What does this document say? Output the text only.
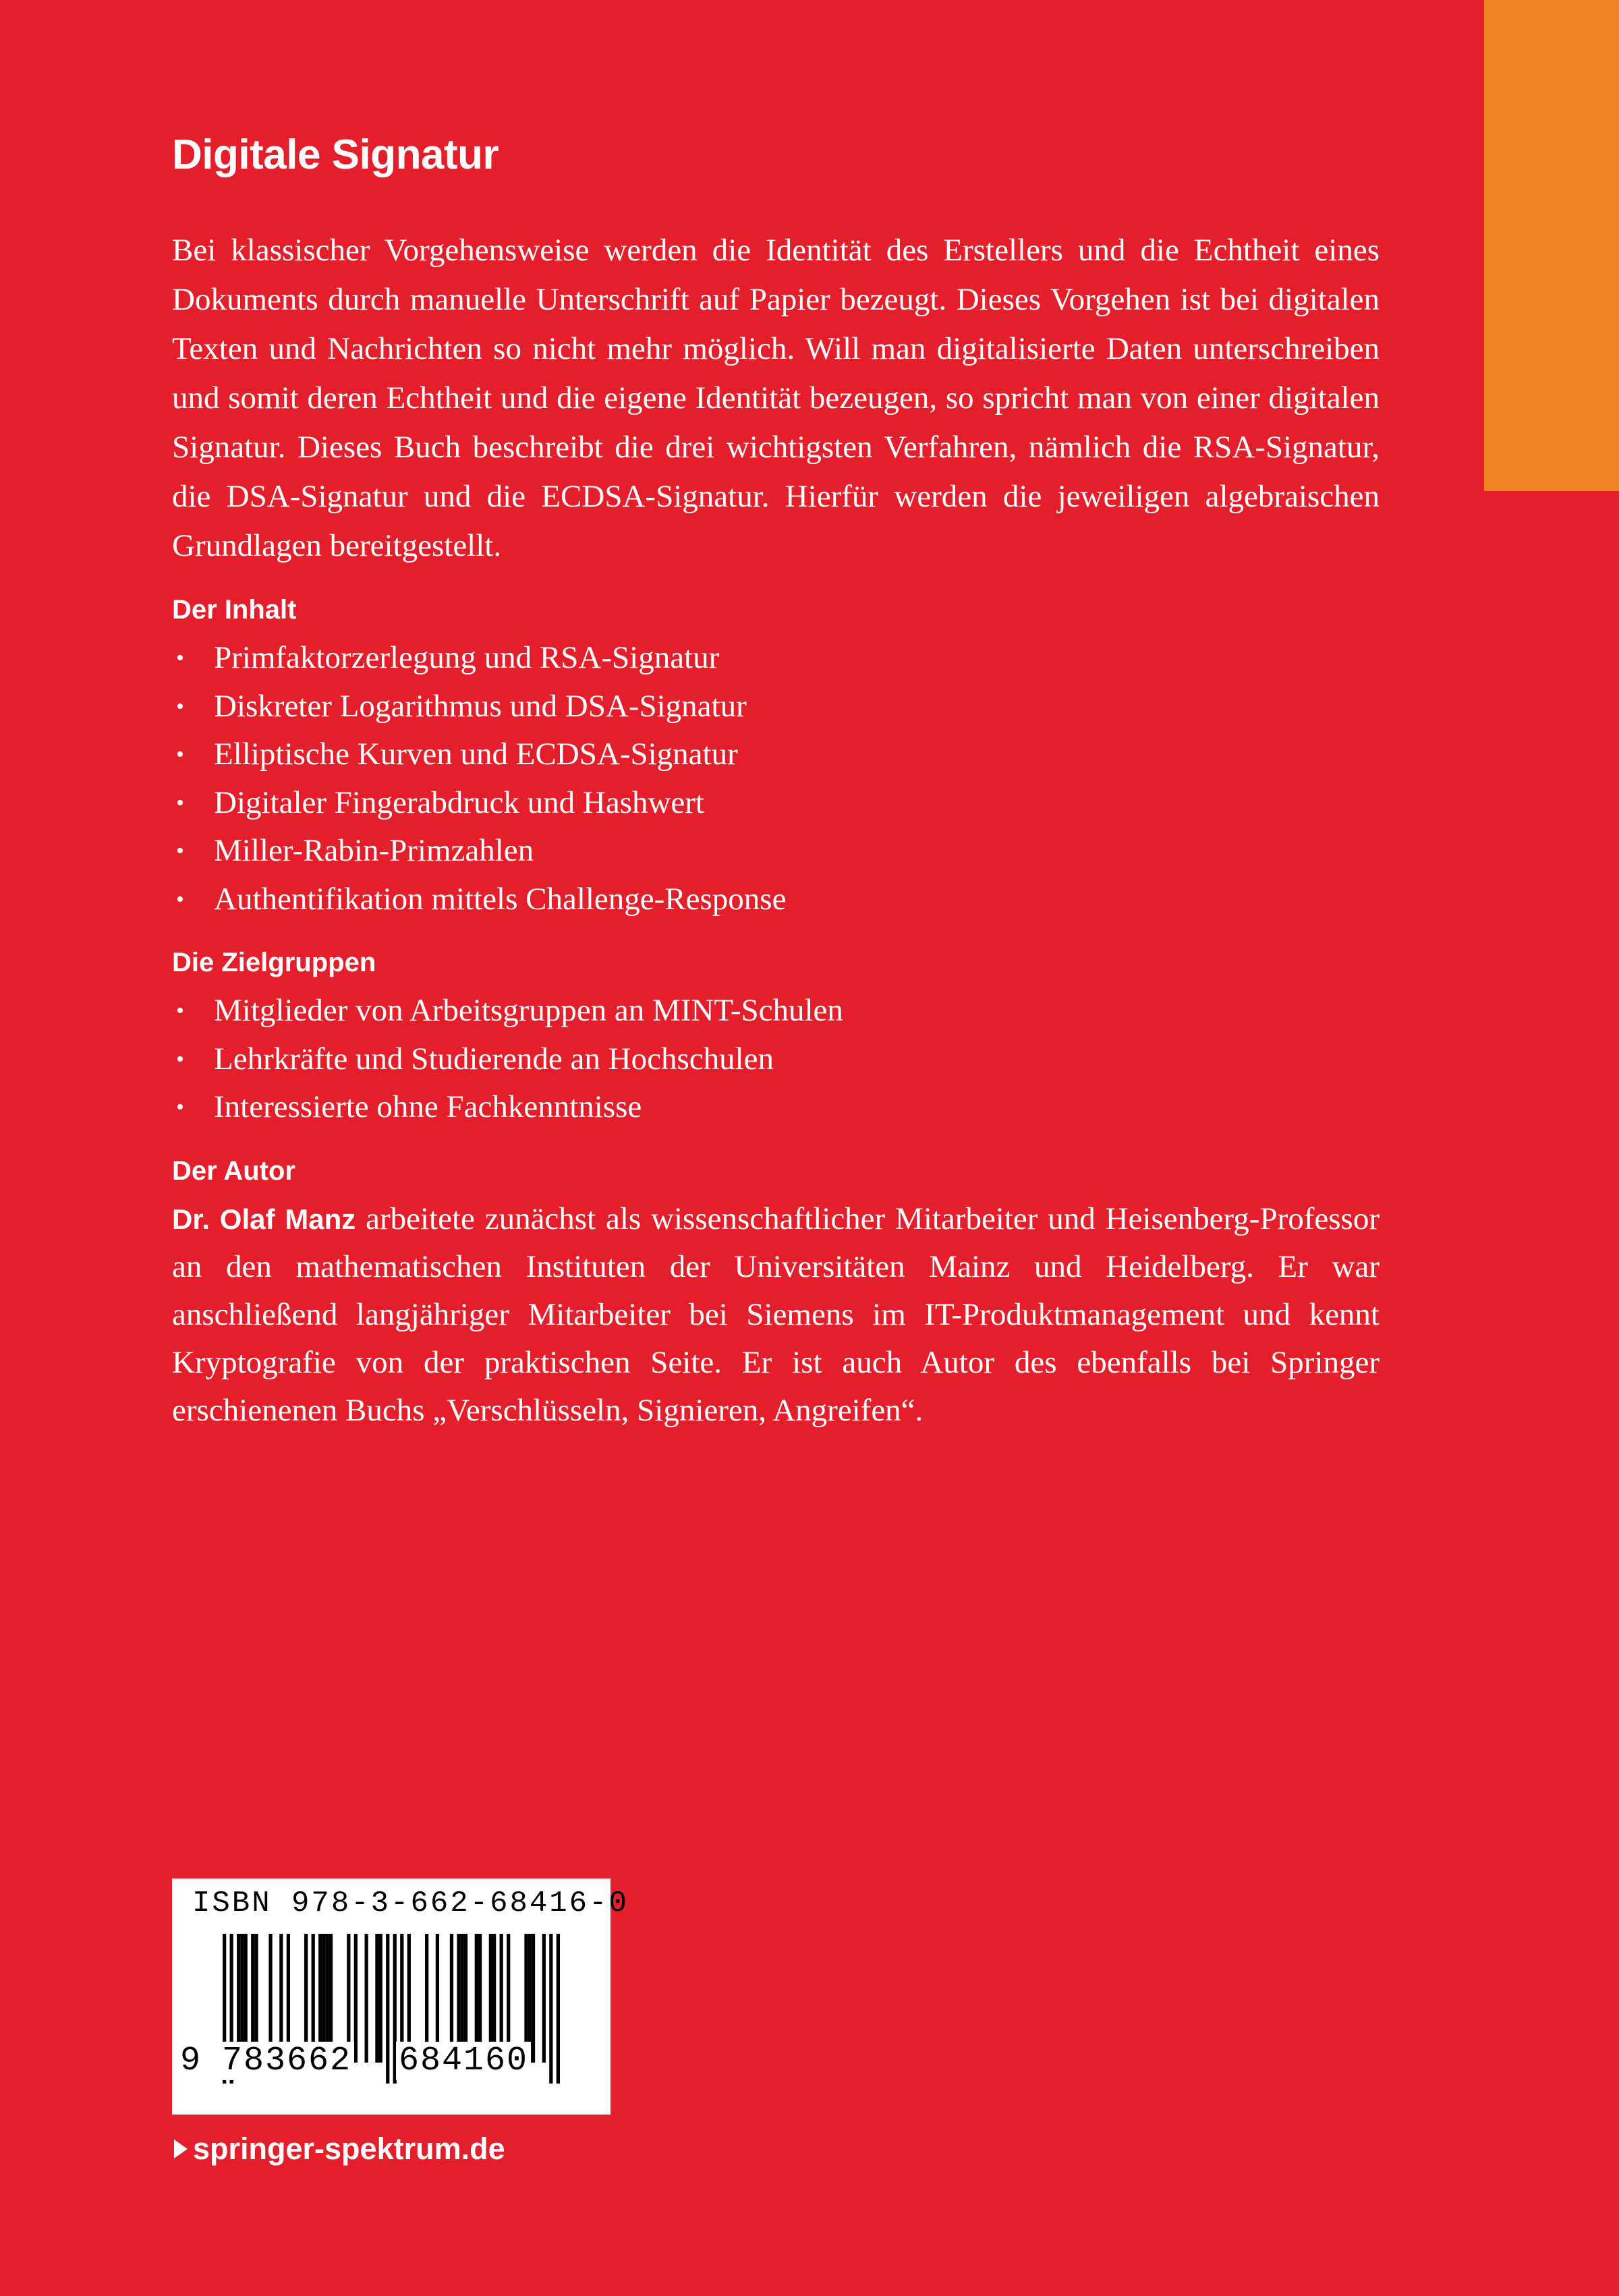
Digitale Signatur

Bei klassischer Vorgehensweise werden die Identität des Erstellers und die Echtheit eines Dokuments durch manuelle Unterschrift auf Papier bezeugt. Dieses Vorgehen ist bei digitalen Texten und Nachrichten so nicht mehr möglich. Will man digitalisierte Daten unterschreiben und somit deren Echtheit und die eigene Identität bezeugen, so spricht man von einer digitalen Signatur. Dieses Buch beschreibt die drei wichtigsten Verfahren, nämlich die RSA-Signatur, die DSA-Signatur und die ECDSA-Signatur. Hierfür werden die jeweiligen algebraischen Grundlagen bereitgestellt.

Der Inhalt
• Primfaktorzerlegung und RSA-Signatur
• Diskreter Logarithmus und DSA-Signatur
• Elliptische Kurven und ECDSA-Signatur
• Digitaler Fingerabdruck und Hashwert
• Miller-Rabin-Primzahlen
• Authentifikation mittels Challenge-Response
Die Zielgruppen
• Mitglieder von Arbeitsgruppen an MINT-Schulen
• Lehrkräfte und Studierende an Hochschulen
• Interessierte ohne Fachkenntnisse
Der Autor

Dr. Olaf Manz arbeitete zunächst als wissenschaftlicher Mitarbeiter und Heisenberg-Professor an den mathematischen Instituten der Universitäten Mainz und Heidelberg. Er war anschließend langjähriger Mitarbeiter bei Siemens im IT-Produktmanagement und kennt Kryptografie von der praktischen Seite. Er ist auch Autor des ebenfalls bei Springer erschienenen Buchs „Verschlüsseln, Signieren, Angreifen“.

ISBN 978-3-662-68416-0
9 783662 684160
springer-spektrum.de
